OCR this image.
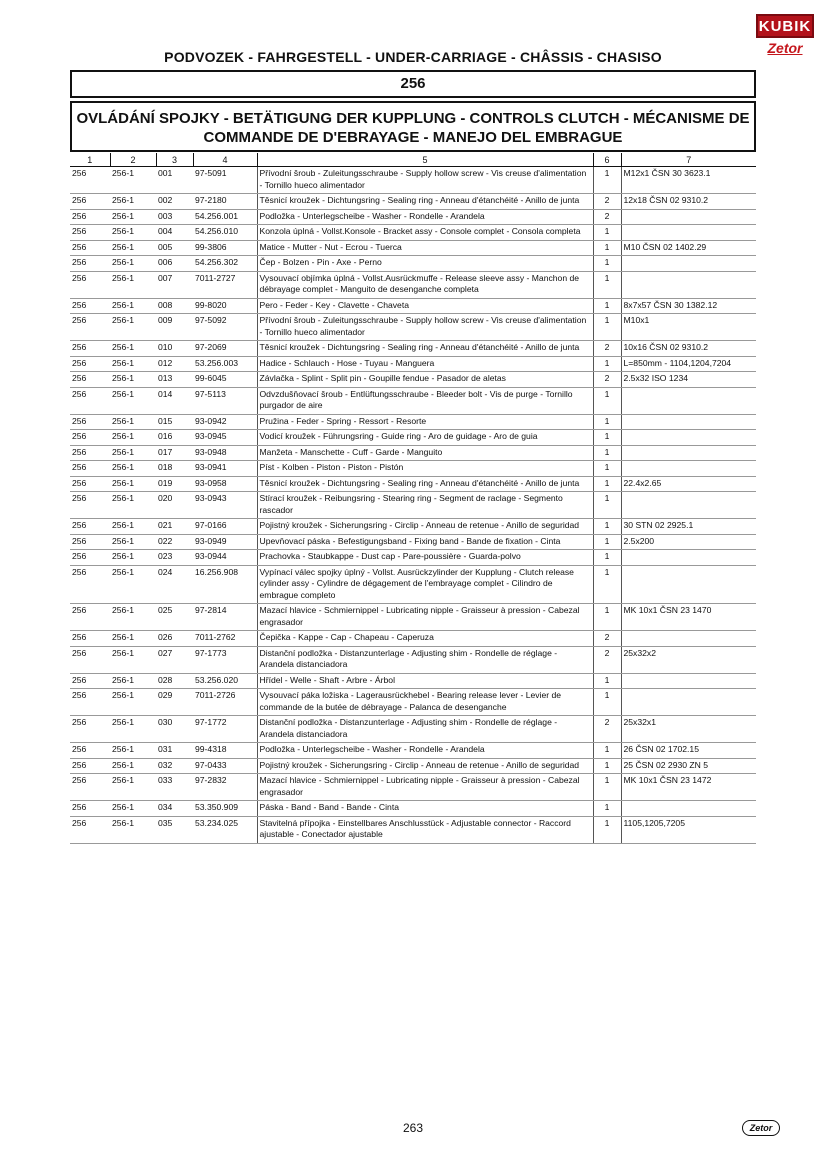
KUBIK
Zetor
PODVOZEK - FAHRGESTELL - UNDER-CARRIAGE - CHÂSSIS - CHASISO
256
OVLÁDÁNÍ SPOJKY - BETÄTIGUNG DER KUPPLUNG - CONTROLS CLUTCH - MÉCANISME DE
COMMANDE DE D'EBRAYAGE - MANEJO DEL EMBRAGUE
1	2	3	4	5	6	7
256	256-1	001	97-5091	Přívodní šroub - Zuleitungsschraube - Supply hollow screw - Vis creuse d'alimentation - Tornillo hueco alimentador	1	M12x1 ČSN 30 3623.1
256	256-1	002	97-2180	Těsnicí kroužek - Dichtungsring - Sealing ring - Anneau d'étanchéité - Anillo de junta	2	12x18 ČSN 02 9310.2
256	256-1	003	54.256.001	Podložka - Unterlegscheibe - Washer - Rondelle - Arandela	2	
256	256-1	004	54.256.010	Konzola úplná - Vollst.Konsole - Bracket assy - Console complet - Consola completa	1	
256	256-1	005	99-3806	Matice - Mutter - Nut - Ecrou - Tuerca	1	M10 ČSN 02 1402.29
256	256-1	006	54.256.302	Čep - Bolzen - Pin - Axe - Perno	1	
256	256-1	007	7011-2727	Vysouvací objímka úplná - Vollst.Ausrückmuffe - Release sleeve assy - Manchon de débrayage complet - Manguito de desenganche completa	1	
256	256-1	008	99-8020	Pero - Feder - Key - Clavette - Chaveta	1	8x7x57 ČSN 30 1382.12
256	256-1	009	97-5092	Přívodní šroub - Zuleitungsschraube - Supply hollow screw - Vis creuse d'alimentation - Tornillo hueco alimentador	1	M10x1
256	256-1	010	97-2069	Těsnicí kroužek - Dichtungsring - Sealing ring - Anneau d'étanchéité - Anillo de junta	2	10x16 ČSN 02 9310.2
256	256-1	012	53.256.003	Hadice - Schlauch - Hose - Tuyau - Manguera	1	L=850mm - 1104,1204,7204
256	256-1	013	99-6045	Závlačka - Splint - Split pin - Goupille fendue - Pasador de aletas	2	2.5x32 ISO 1234
256	256-1	014	97-5113	Odvzdušňovací šroub - Entlüftungsschraube - Bleeder bolt - Vis de purge - Tornillo purgador de aire	1	
256	256-1	015	93-0942	Pružina - Feder - Spring - Ressort - Resorte	1	
256	256-1	016	93-0945	Vodicí kroužek - Führungsring - Guide ring - Aro de guidage - Aro de guia	1	
256	256-1	017	93-0948	Manžeta - Manschette - Cuff - Garde - Manguito	1	
256	256-1	018	93-0941	Píst - Kolben - Piston - Piston - Pistón	1	
256	256-1	019	93-0958	Těsnicí kroužek - Dichtungsring - Sealing ring - Anneau d'étanchéité - Anillo de junta	1	22.4x2.65
256	256-1	020	93-0943	Stírací kroužek - Reibungsring - Stearing ring - Segment de raclage - Segmento rascador	1	
256	256-1	021	97-0166	Pojistný kroužek - Sicherungsring - Circlip - Anneau de retenue - Anillo de seguridad	1	30 STN 02 2925.1
256	256-1	022	93-0949	Upevňovací páska - Befestigungsband - Fixing band - Bande de fixation - Cinta	1	2.5x200
256	256-1	023	93-0944	Prachovka - Staubkappe - Dust cap - Pare-poussière - Guarda-polvo	1	
256	256-1	024	16.256.908	Vypínací válec spojky úplný - Vollst. Ausrückzylinder der Kupplung - Clutch release cylinder assy - Cylindre de dégagement de l'embrayage complet - Cilindro de embrague completo	1	
256	256-1	025	97-2814	Mazací hlavice - Schmiernippel - Lubricating nipple - Graisseur à pression - Cabezal engrasador	1	MK 10x1 ČSN 23 1470
256	256-1	026	7011-2762	Čepička - Kappe - Cap - Chapeau - Caperuza	2	
256	256-1	027	97-1773	Distanční podložka - Distanzunterlage - Adjusting shim - Rondelle de réglage - Arandela distanciadora	2	25x32x2
256	256-1	028	53.256.020	Hřídel - Welle - Shaft - Arbre - Árbol	1	
256	256-1	029	7011-2726	Vysouvací páka ložiska - Lagerausrückhebel - Bearing release lever - Levier de commande de la butée de débrayage - Palanca de desenganche	1	
256	256-1	030	97-1772	Distanční podložka - Distanzunterlage - Adjusting shim - Rondelle de réglage - Arandela distanciadora	2	25x32x1
256	256-1	031	99-4318	Podložka - Unterlegscheibe - Washer - Rondelle - Arandela	1	26 ČSN 02 1702.15
256	256-1	032	97-0433	Pojistný kroužek - Sicherungsring - Circlip - Anneau de retenue - Anillo de seguridad	1	25 ČSN 02 2930 ZN 5
256	256-1	033	97-2832	Mazací hlavice - Schmiernippel - Lubricating nipple - Graisseur à pression - Cabezal engrasador	1	MK 10x1 ČSN 23 1472
256	256-1	034	53.350.909	Páska - Band - Band - Bande - Cinta	1	
256	256-1	035	53.234.025	Stavitelná přípojka - Einstellbares Anschlusstück - Adjustable connector - Raccord ajustable - Conectador ajustable	1	1105,1205,7205
263	Zetor
